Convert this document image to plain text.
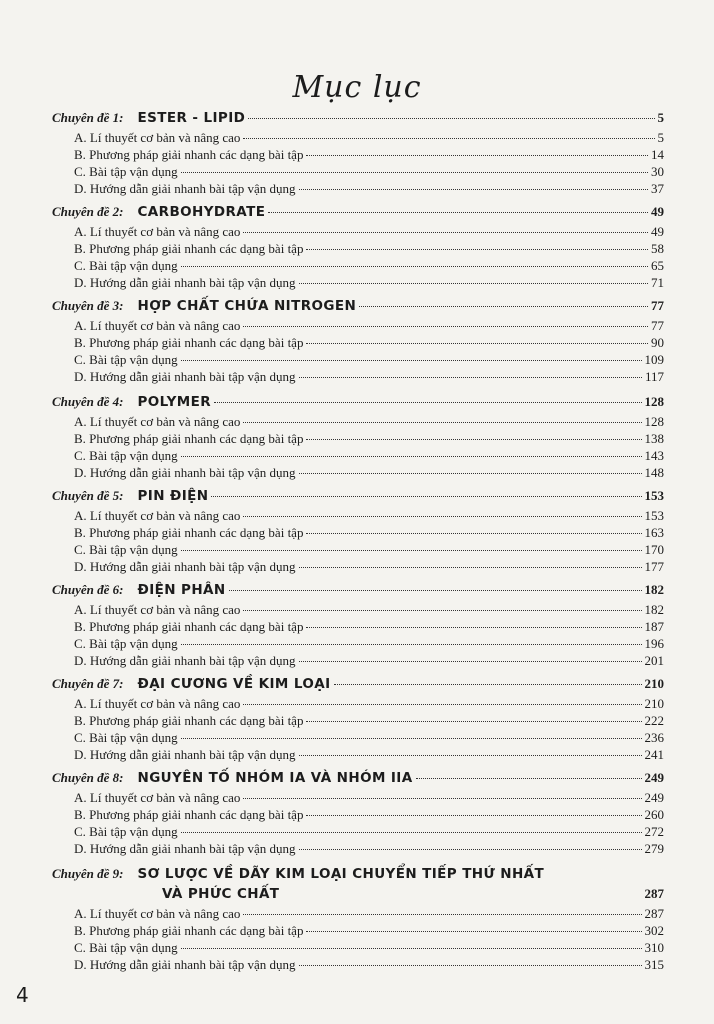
Mục lục
Chuyên đề 1: ESTER - LIPID	5
A. Lí thuyết cơ bản và nâng cao	5
B. Phương pháp giải nhanh các dạng bài tập	14
C. Bài tập vận dụng	30
D. Hướng dẫn giải nhanh bài tập vận dụng	37
Chuyên đề 2: CARBOHYDRATE	49
A. Lí thuyết cơ bản và nâng cao	49
B. Phương pháp giải nhanh các dạng bài tập	58
C. Bài tập vận dụng	65
D. Hướng dẫn giải nhanh bài tập vận dụng	71
Chuyên đề 3: HỢP CHẤT CHỨA NITROGEN	77
A. Lí thuyết cơ bản và nâng cao	77
B. Phương pháp giải nhanh các dạng bài tập	90
C. Bài tập vận dụng	109
D. Hướng dẫn giải nhanh bài tập vận dụng	117
Chuyên đề 4: POLYMER	128
A. Lí thuyết cơ bản và nâng cao	128
B. Phương pháp giải nhanh các dạng bài tập	138
C. Bài tập vận dụng	143
D. Hướng dẫn giải nhanh bài tập vận dụng	148
Chuyên đề 5: PIN ĐIỆN	153
A. Lí thuyết cơ bản và nâng cao	153
B. Phương pháp giải nhanh các dạng bài tập	163
C. Bài tập vận dụng	170
D. Hướng dẫn giải nhanh bài tập vận dụng	177
Chuyên đề 6: ĐIỆN PHÂN	182
A. Lí thuyết cơ bản và nâng cao	182
B. Phương pháp giải nhanh các dạng bài tập	187
C. Bài tập vận dụng	196
D. Hướng dẫn giải nhanh bài tập vận dụng	201
Chuyên đề 7: ĐẠI CƯƠNG VỀ KIM LOẠI	210
A. Lí thuyết cơ bản và nâng cao	210
B. Phương pháp giải nhanh các dạng bài tập	222
C. Bài tập vận dụng	236
D. Hướng dẫn giải nhanh bài tập vận dụng	241
Chuyên đề 8: NGUYÊN TỐ NHÓM IA VÀ NHÓM IIA	249
A. Lí thuyết cơ bản và nâng cao	249
B. Phương pháp giải nhanh các dạng bài tập	260
C. Bài tập vận dụng	272
D. Hướng dẫn giải nhanh bài tập vận dụng	279
Chuyên đề 9: SƠ LƯỢC VỀ DÃY KIM LOẠI CHUYỂN TIẾP THỨ NHẤT
VÀ PHỨC CHẤT	287
A. Lí thuyết cơ bản và nâng cao	287
B. Phương pháp giải nhanh các dạng bài tập	302
C. Bài tập vận dụng	310
D. Hướng dẫn giải nhanh bài tập vận dụng	315
4
